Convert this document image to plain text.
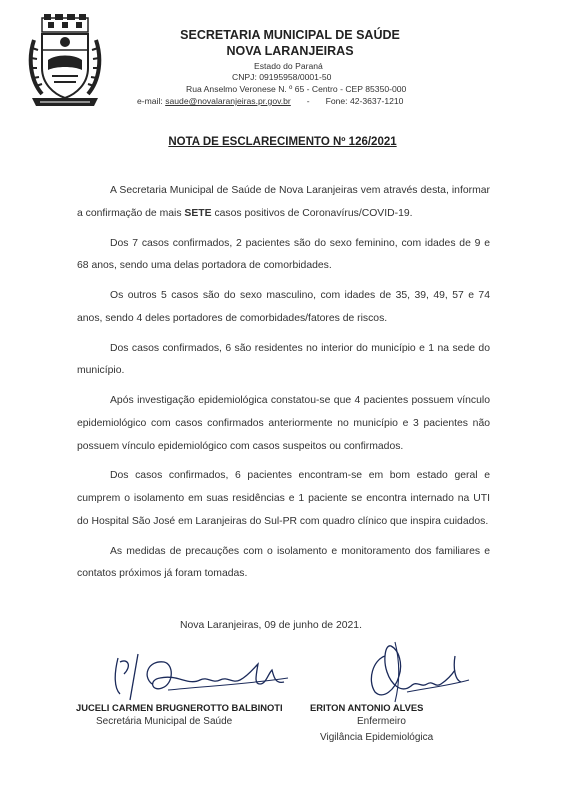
SECRETARIA MUNICIPAL DE SAÚDE
NOVA LARANJEIRAS
Estado do Paraná
CNPJ: 09195958/0001-50
Rua Anselmo Veronese N. º 65 - Centro - CEP 85350-000
e-mail: saude@novalaranjeiras.pr.gov.br - Fone: 42-3637-1210
NOTA DE ESCLARECIMENTO Nº 126/2021

A Secretaria Municipal de Saúde de Nova Laranjeiras vem através desta, informar a confirmação de mais SETE casos positivos de Coronavírus/COVID-19.

Dos 7 casos confirmados, 2 pacientes são do sexo feminino, com idades de 9 e 68 anos, sendo uma delas portadora de comorbidades.

Os outros 5 casos são do sexo masculino, com idades de 35, 39, 49, 57 e 74 anos, sendo 4 deles portadores de comorbidades/fatores de riscos.

Dos casos confirmados, 6 são residentes no interior do município e 1 na sede do município.

Após investigação epidemiológica constatou-se que 4 pacientes possuem vínculo epidemiológico com casos confirmados anteriormente no município e 3 pacientes não possuem vínculo epidemiológico com casos suspeitos ou confirmados.

Dos casos confirmados, 6 pacientes encontram-se em bom estado geral e cumprem o isolamento em suas residências e 1 paciente se encontra internado na UTI do Hospital São José em Laranjeiras do Sul-PR com quadro clínico que inspira cuidados.

As medidas de precauções com o isolamento e monitoramento dos familiares e contatos próximos já foram tomadas.

Nova Laranjeiras, 09 de junho de 2021.
JUCELI CARMEN BRUGNEROTTO BALBINOTI
Secretária Municipal de Saúde
ERITON ANTONIO ALVES
Enfermeiro
Vigilância Epidemiológica
